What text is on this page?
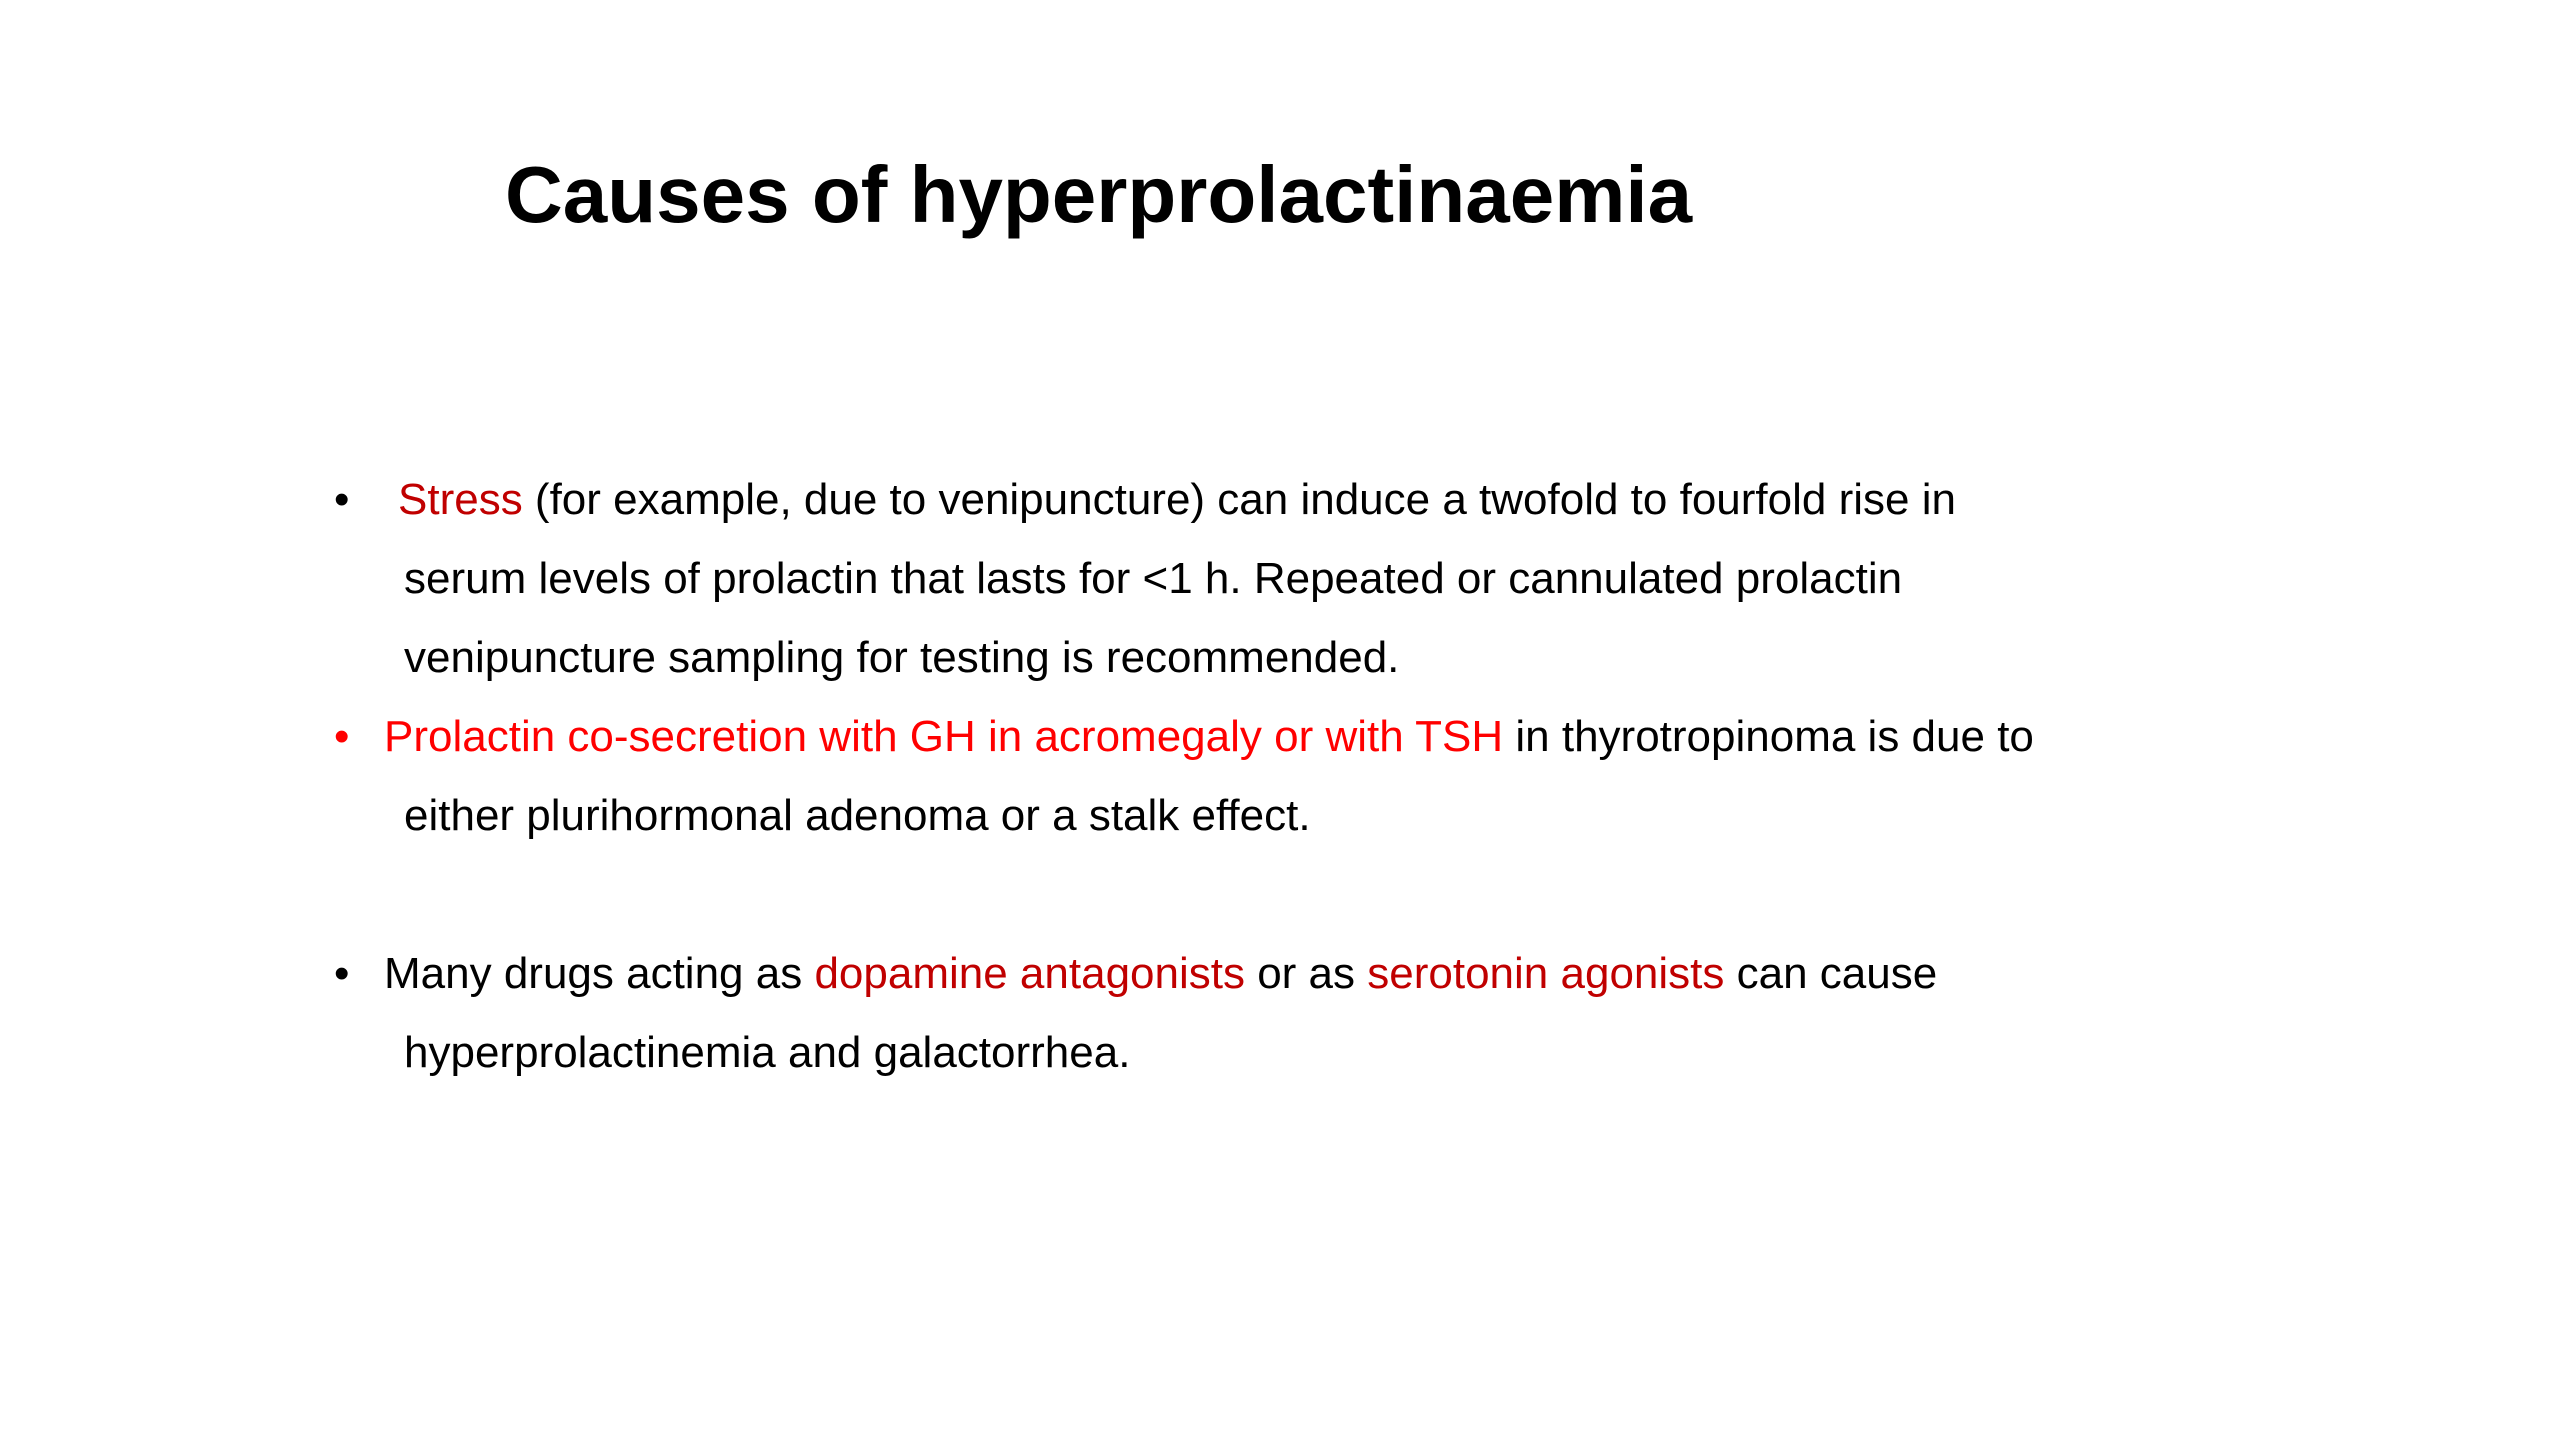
Causes of hyperprolactinaemia
•	Stress (for example, due to venipuncture) can induce a twofold to fourfold rise in
serum levels of prolactin that lasts for <1 h. Repeated or cannulated prolactin
venipuncture sampling for testing is recommended.
• Prolactin co-secretion with GH in acromegaly or with TSH in thyrotropinoma is due to
either plurihormonal adenoma or a stalk effect.
• Many drugs acting as dopamine antagonists or as serotonin agonists can cause
hyperprolactinemia and galactorrhea.
